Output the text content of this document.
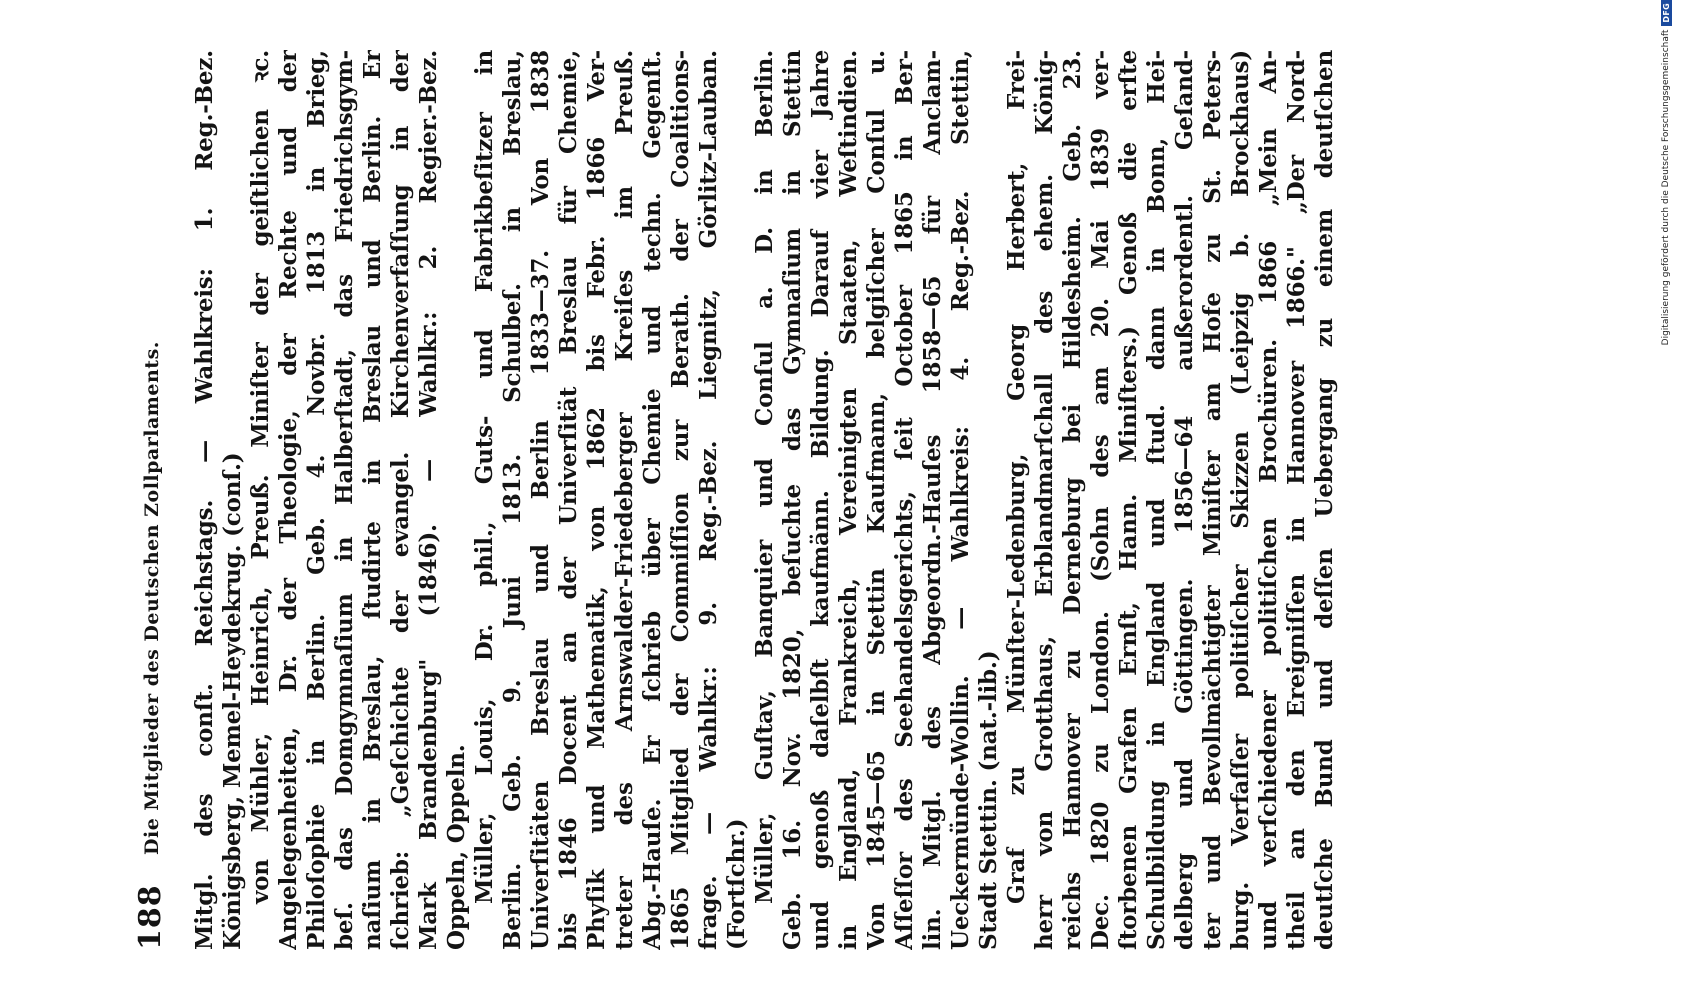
188
Die Mitglieder des Deutschen Zollparlaments. Mitgl. des conſt. Reichstags. — Wahlkreis: 1. Reg.-Bez. Königsberg, Memel-Heydekrug. (conſ.) von Mühler, Heinrich, Preuß. Miniſter der geiſtlichen ꝛc. Angelegenheiten, Dr. der Theologie, der Rechte und der Philoſophie in Berlin. Geb. 4. Novbr. 1813 in Brieg, beſ. das Domgymnaſium in Halberſtadt, das Friedrichsgym- naſium in Breslau, ſtudirte in Breslau und Berlin. Er ſchrieb: „Geſchichte der evangel. Kirchenverfaſſung in der Mark Brandenburg" (1846). — Wahlkr.: 2. Regier.-Bez. Oppeln, Oppeln. Müller, Louis, Dr. phil., Guts- und Fabrikbeſitzer in Berlin. Geb. 9. Juni 1813. Schulbeſ. in Breslau, Univerſitäten Breslau und Berlin 1833—37. Von 1838 bis 1846 Docent an der Univerſität Breslau für Chemie, Phyſik und Mathematik, von 1862 bis Febr. 1866 Ver- treter des Arnswalder-Friedeberger Kreiſes im Preuß. Abg.-Hauſe. Er ſchrieb über Chemie und techn. Gegenſt. 1865 Mitglied der Commiſſion zur Berath. der Coalitions- frage. — Wahlkr.: 9. Reg.-Bez. Liegnitz, Görlitz-Lauban. (Fortſchr.) Müller, Guſtav, Banquier und Conſul a. D. in Berlin. Geb. 16. Nov. 1820, beſuchte das Gymnaſium in Stettin und genoß daſelbſt kaufmänn. Bildung. Darauf vier Jahre in England, Frankreich, Vereinigten Staaten, Weſtindien. Von 1845—65 in Stettin Kaufmann, belgiſcher Conſul u. Aſſeſſor des Seehandelsgerichts, ſeit October 1865 in Ber- lin. Mitgl. des Abgeordn.-Hauſes 1858—65 für Anclam- Ueckermünde-Wollin. — Wahlkreis: 4. Reg.-Bez. Stettin, Stadt Stettin. (nat.-lib.) Graf zu Münſter-Ledenburg, Georg Herbert, Frei- herr von Grotthaus, Erblandmarſchall des ehem. König- reichs Hannover zu Derneburg bei Hildesheim. Geb. 23. Dec. 1820 zu London. (Sohn des am 20. Mai 1839 ver- ſtorbenen Grafen Ernſt, Hann. Miniſters.) Genoß die erſte Schulbildung in England und ſtud. dann in Bonn, Hei- delberg und Göttingen. 1856—64 außerordentl. Geſand- ter und Bevollmächtigter Miniſter am Hofe zu St. Peters- burg. Verfaſſer politiſcher Skizzen (Leipzig b. Brockhaus) und verſchiedener politiſchen Brochüren. 1866 „Mein An- theil an den Ereigniſſen in Hannover 1866." „Der Nord- deutſche Bund und deſſen Uebergang zu einem deutſchen	Digitalisierung gefördert durch die Deutsche Forschungsgemeinschaft
DFG
